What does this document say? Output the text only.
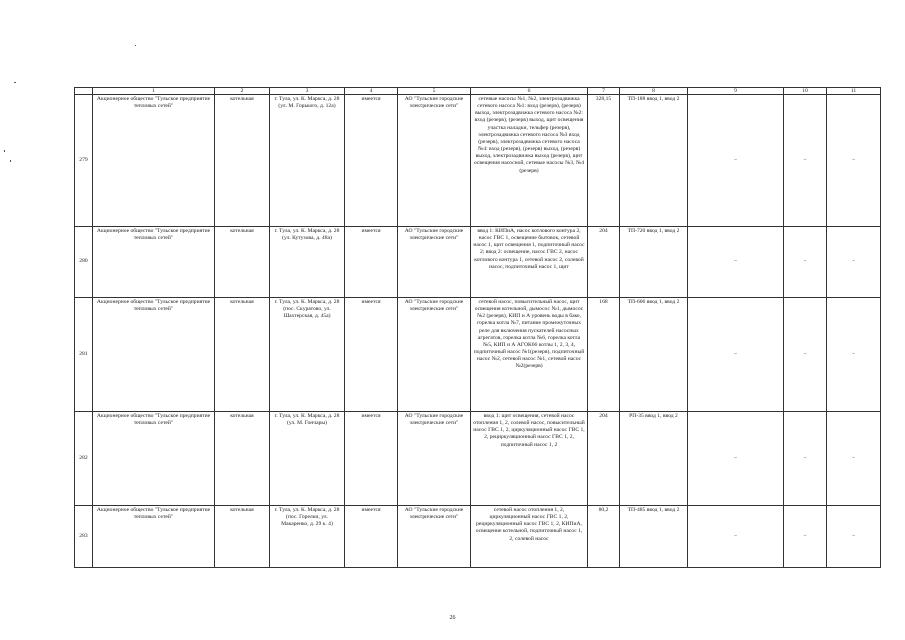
	1	2	3	4	5	6	7	8	9	10	11
279	Акционерное общество "Тульское предприятие тепловых сетей"	котельная	г. Тула, ул. К. Маркса, д. 28 (ул. М. Горького, д. 12а)	имеется	АО "Тульские городские электрические сети"	сетевые насосы №1, №2, электрозадвижка сетевого насоса №1: вход (резерв), (резерв) выход, электрозадвижка сетевого насоса №2: вход (резерв), (резерв) выход, щит освещения участка наладки, тельфер (резерв), электрозадвижка сетевого насоса №3 вход (резерв), электрозадвижка сетевого насоса №4: вход (резерв), (резерв) выход, (резерв) выход, электрозадвижка выход (резерв), щит освещения насосной, сетевые насосы №3, №4 (резерв)	328,15	ТП-188 ввод 1, ввод 2	–	–	–
280	Акционерное общество "Тульское предприятие тепловых сетей"	котельная	г. Тула, ул. К. Маркса, д. 28 (ул. Кутузова, д. 48а)	имеется	АО "Тульские городские электрические сети"	ввод 1: КИПиА, насос котлового контура 2, насос ГВС 1, освещение бытовок, сетевой насос 1, щит освещения 1, подпиточный насос 2; ввод 2: освещение, насос ГВС 2, насос котлового контура 1, сетевой насос 2, солевой насос, подпиточный насос 1, щит	204	ТП-720 ввод 1, ввод 2	–	–	–
281	Акционерное общество "Тульское предприятие тепловых сетей"	котельная	г. Тула, ул. К. Маркса, д. 28 (пос. Скуратово, ул. Шахтерская, д. 45а)	имеется	АО "Тульские городские электрические сети"	сетевой насос, повысительный насос, щит освещения котельной, дымосос №1, дымосос №2 (резерв), КИП и А уровень воды в баке, горелка котла №7, питание промежуточных реле для включения пускателей насосных агрегатов, горелка котла №6, горелка котла №5, КИП и А АГОК66 котлы 1, 2, 3, 4, подпиточный насос №1(резерв), подпиточный насос №2, сетевой насос №1, сетевой насос №2(резерв)	168	ТП-606 ввод 1, ввод 2	–	–	–
282	Акционерное общество "Тульское предприятие тепловых сетей"	котельная	г. Тула, ул. К. Маркса, д. 28 (ул. М. Гончары)	имеется	АО "Тульские городские электрические сети"	ввод 1: щит освещения, сетевой насос отопления 1, 2, солевой насос, повысительный насос ГВС 1, 2, циркуляционный насос ГВС 1, 2, рециркуляционный насос ГВС 1, 2, подпиточный насос 1, 2	204	РП-35 ввод 1, ввод 2	–	–	–
283	Акционерное общество "Тульское предприятие тепловых сетей"	котельная	г. Тула, ул. К. Маркса, д. 28 (пос. Горелки, ул. Макаренко, д. 29 к. 4)	имеется	АО "Тульские городские электрические сети"	сетевой насос отопления 1, 2, циркуляционный насос ГВС 1, 2, рециркуляционный насос ГВС 1, 2, КИПиА, освещение котельной, подпиточный насос 1, 2, солевой насос	80,2	ТП-485 ввод 1, ввод 2	–	–	–
26
